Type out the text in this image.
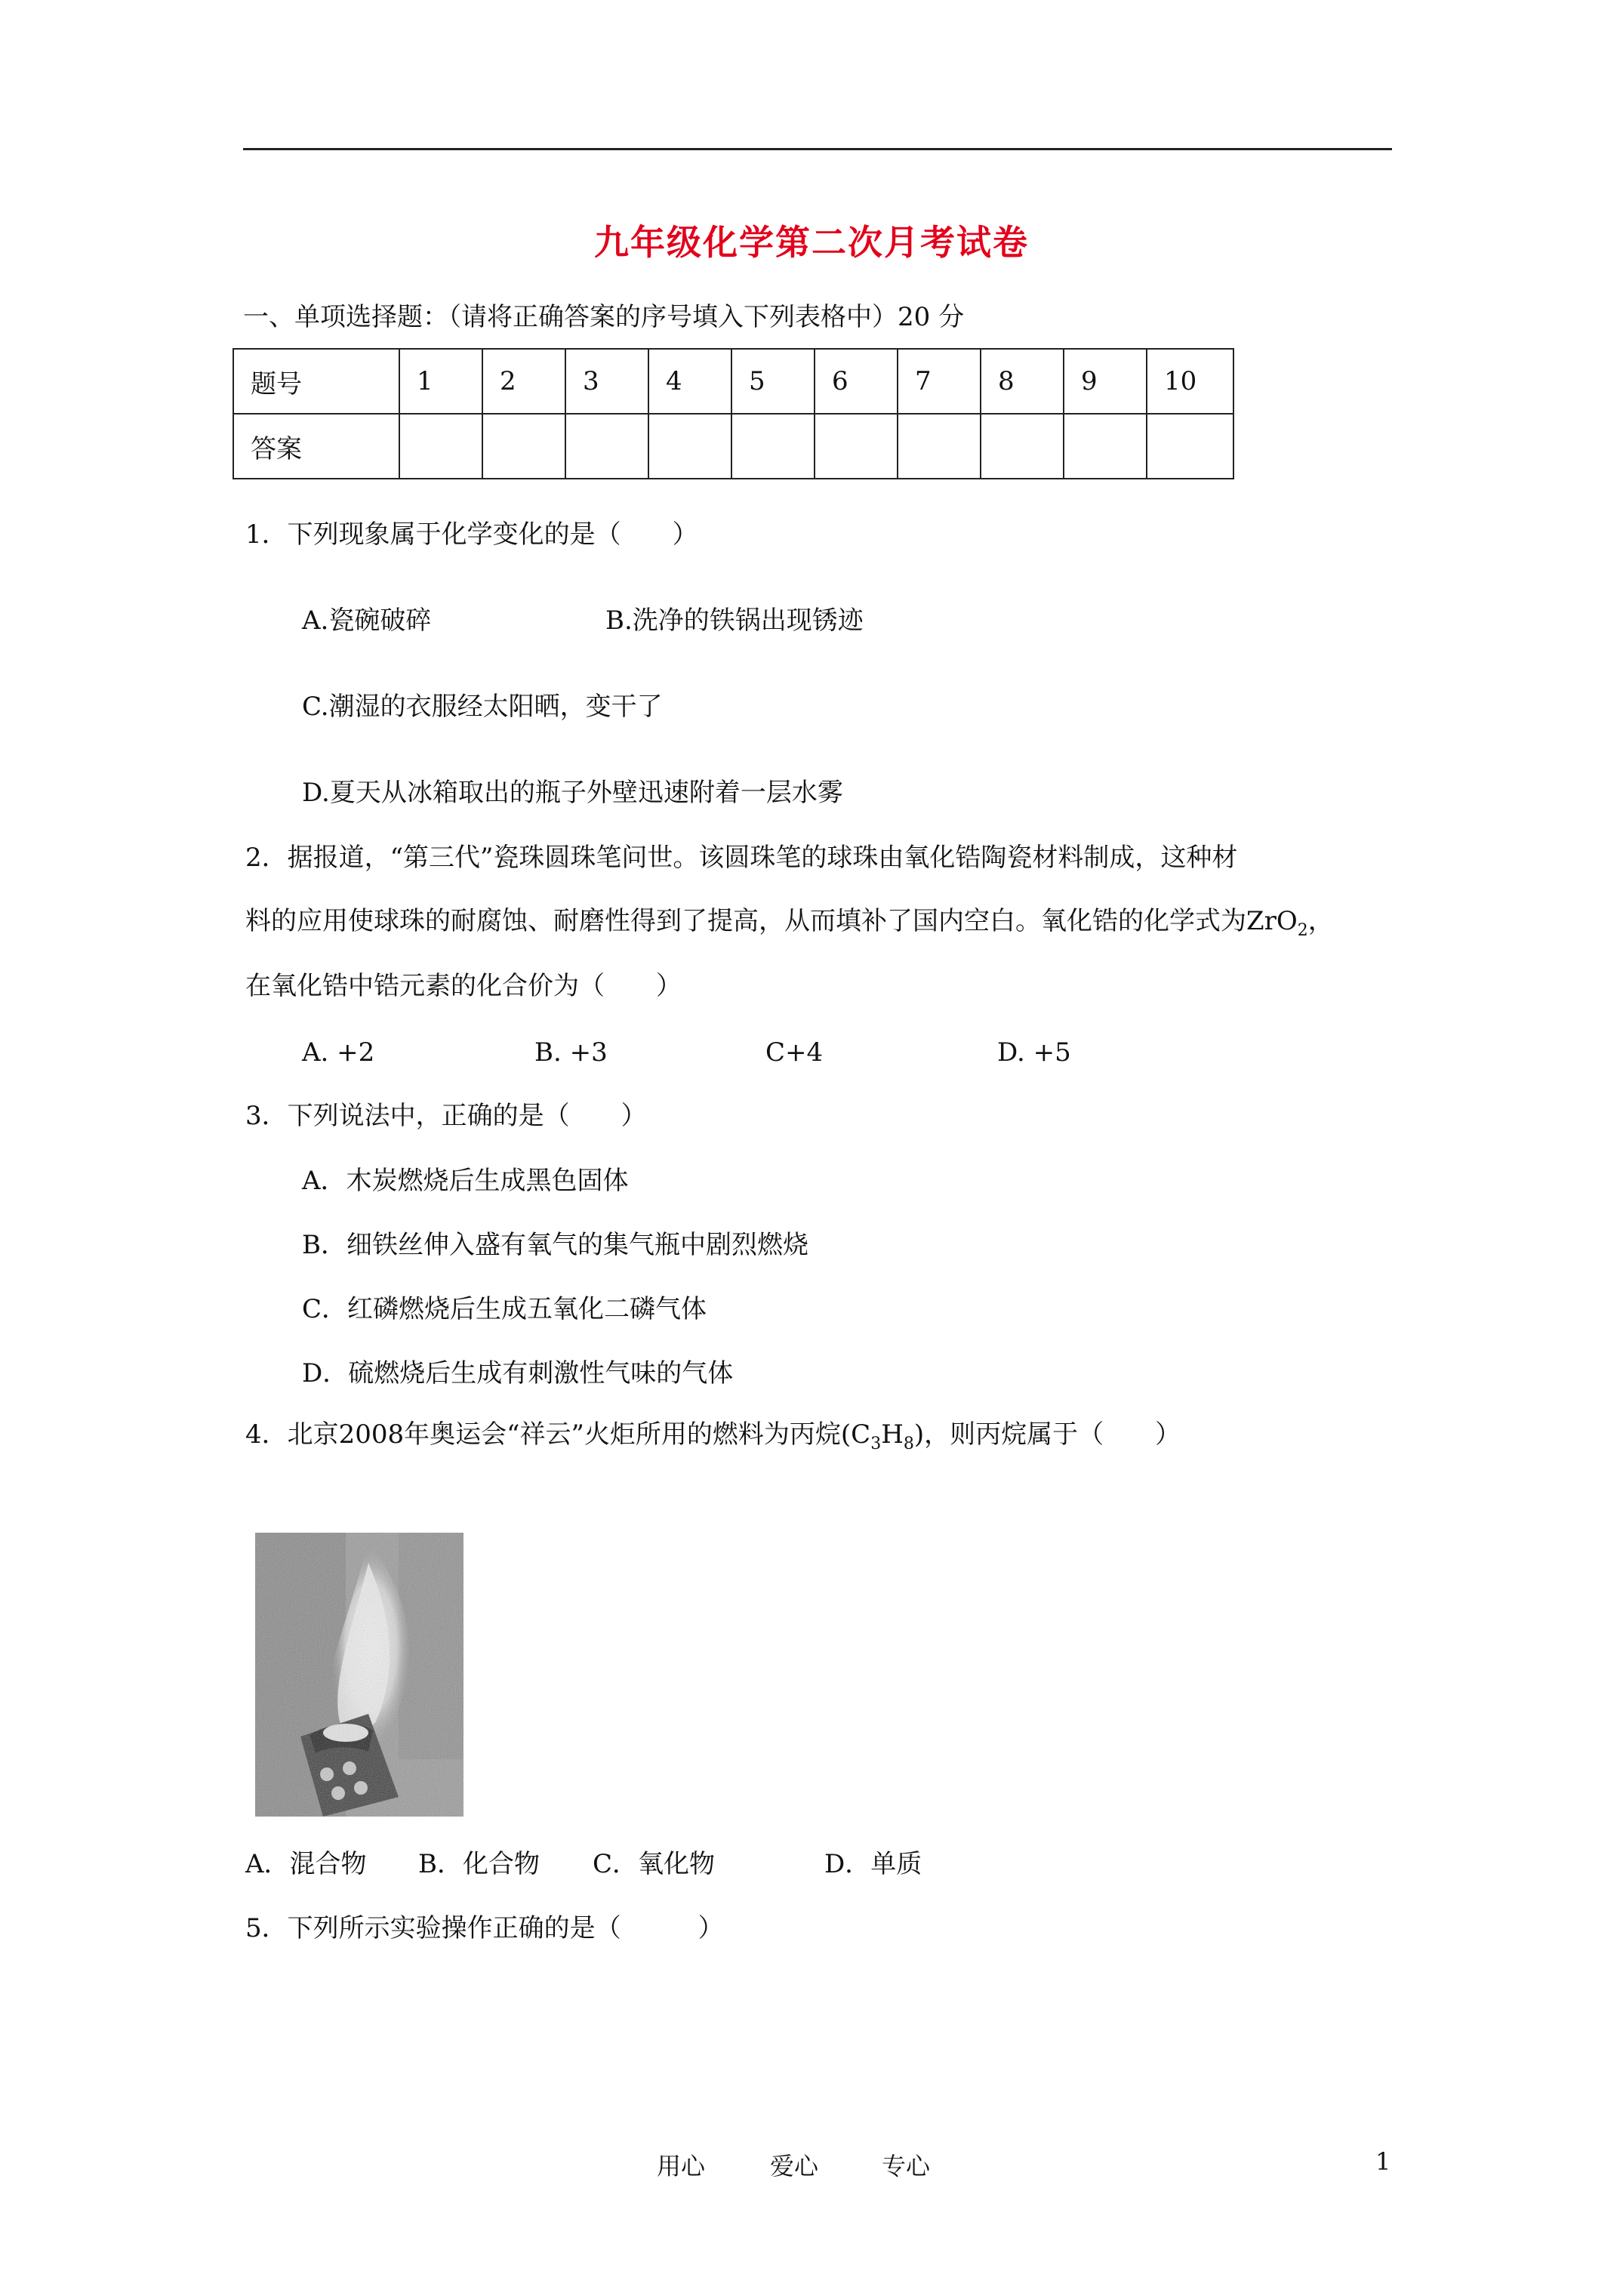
九年级化学第二次月考试卷
一、单项选择题：（请将正确答案的序号填入下列表格中）20 分
题号	1	2	3	4	5	6	7	8	9	10
答案										
1．下列现象属于化学变化的是（　　）
A.瓷碗破碎	B.洗净的铁锅出现锈迹
C.潮湿的衣服经太阳晒，变干了
D.夏天从冰箱取出的瓶子外壁迅速附着一层水雾
2．据报道，“第三代”瓷珠圆珠笔问世。该圆珠笔的球珠由氧化锆陶瓷材料制成，这种材
料的应用使球珠的耐腐蚀、耐磨性得到了提高，从而填补了国内空白。氧化锆的化学式为ZrO$_2$，
在氧化锆中锆元素的化合价为（　　）
A. +2	B. +3	C+4	D. +5
3．下列说法中，正确的是（　　）
A．木炭燃烧后生成黑色固体
B．细铁丝伸入盛有氧气的集气瓶中剧烈燃烧
C．红磷燃烧后生成五氧化二磷气体
D．硫燃烧后生成有刺激性气味的气体
4．北京2008年奥运会“祥云”火炬所用的燃料为丙烷$(C_3H_8)$，则丙烷属于（　　）
A．混合物 B．化合物 C．氧化物	D．单质
5．下列所示实验操作正确的是（　　　）
用心	爱心	专心	1
